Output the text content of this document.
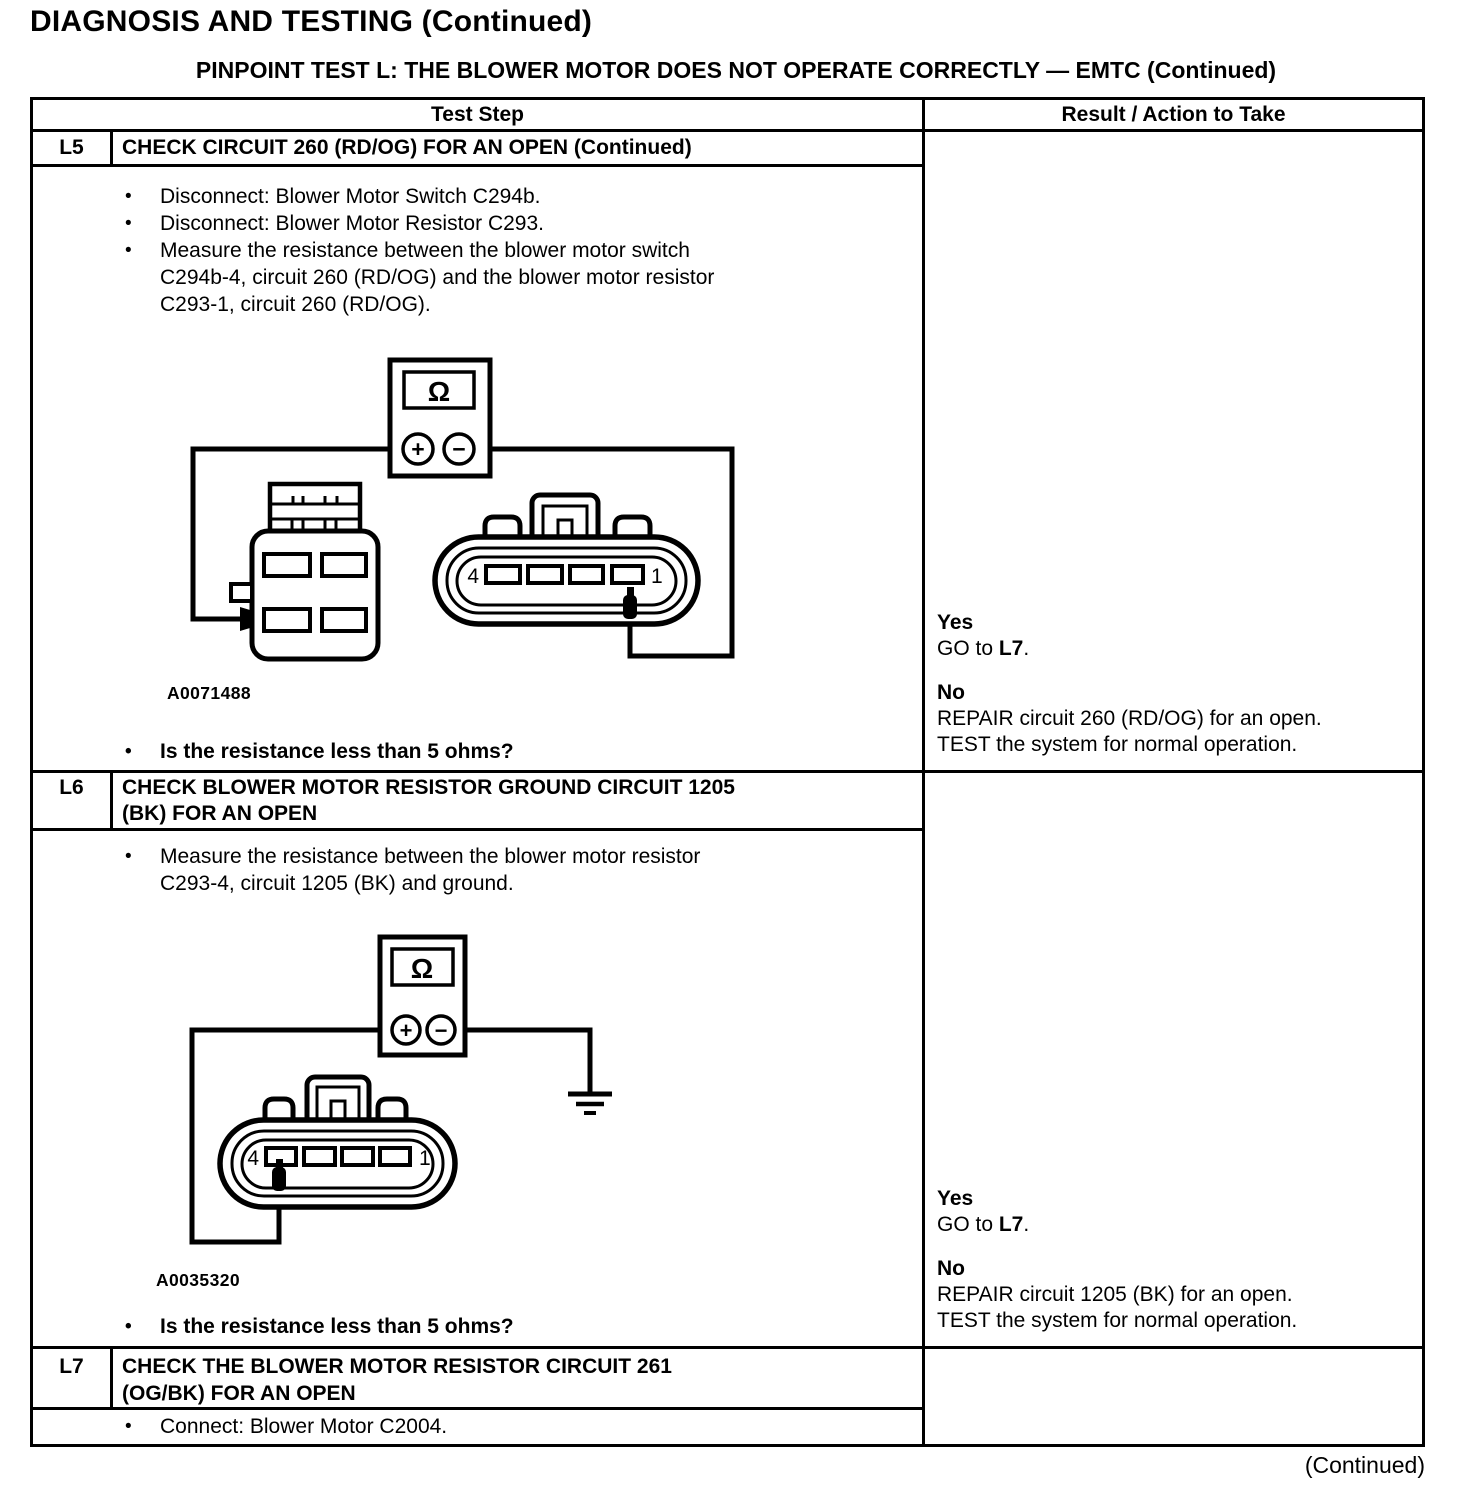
DIAGNOSIS AND TESTING (Continued)
PINPOINT TEST L: THE BLOWER MOTOR DOES NOT OPERATE CORRECTLY — EMTC (Continued)
Test Step	Result / Action to Take
L5	CHECK CIRCUIT 260 (RD/OG) FOR AN OPEN (Continued)
•	Disconnect: Blower Motor Switch C294b.
•	Disconnect: Blower Motor Resistor C293.
•	Measure the resistance between the blower motor switch
C294b-4, circuit 260 (RD/OG) and the blower motor resistor
C293-1, circuit 260 (RD/OG).
Ω
+ −
4	1
A0071488
•	Is the resistance less than 5 ohms?
Yes
GO to L7.
No
REPAIR circuit 260 (RD/OG) for an open.
TEST the system for normal operation.
L6	CHECK BLOWER MOTOR RESISTOR GROUND CIRCUIT 1205
(BK) FOR AN OPEN
•	Measure the resistance between the blower motor resistor
C293-4, circuit 1205 (BK) and ground.
Ω
+ −
4	1
A0035320
•	Is the resistance less than 5 ohms?
Yes
GO to L7.
No
REPAIR circuit 1205 (BK) for an open.
TEST the system for normal operation.
L7	CHECK THE BLOWER MOTOR RESISTOR CIRCUIT 261
(OG/BK) FOR AN OPEN
•	Connect: Blower Motor C2004.
(Continued)
